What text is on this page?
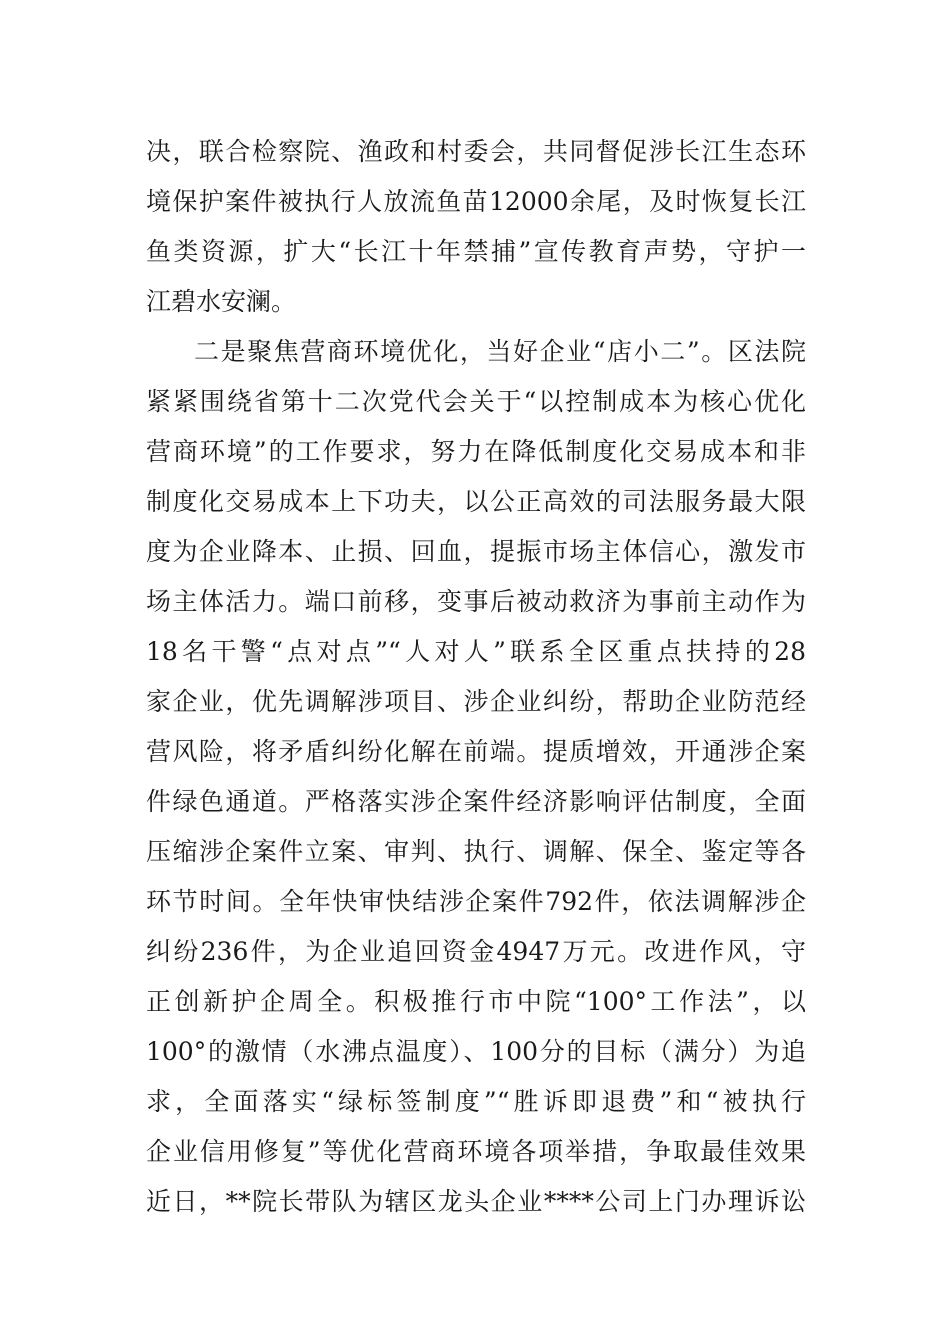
决，联合检察院、渔政和村委会，共同督促涉长江生态环
境保护案件被执行人放流鱼苗12000余尾，及时恢复长江
鱼类资源，扩大“长江十年禁捕”宣传教育声势，守护一
江碧水安澜。
二是聚焦营商环境优化，当好企业“店小二”。区法院
紧紧围绕省第十二次党代会关于“以控制成本为核心优化
营商环境”的工作要求，努力在降低制度化交易成本和非
制度化交易成本上下功夫，以公正高效的司法服务最大限
度为企业降本、止损、回血，提振市场主体信心，激发市
场主体活力。端口前移，变事后被动救济为事前主动作为
18名干警“点对点”“人对人”联系全区重点扶持的28
家企业，优先调解涉项目、涉企业纠纷，帮助企业防范经
营风险，将矛盾纠纷化解在前端。提质增效，开通涉企案
件绿色通道。严格落实涉企案件经济影响评估制度，全面
压缩涉企案件立案、审判、执行、调解、保全、鉴定等各
环节时间。全年快审快结涉企案件792件，依法调解涉企
纠纷236件，为企业追回资金4947万元。改进作风，守
正创新护企周全。积极推行市中院“100°工作法”，以
100°的激情（水沸点温度）、100分的目标（满分）为追
求，全面落实“绿标签制度”“胜诉即退费”和“被执行
企业信用修复”等优化营商环境各项举措，争取最佳效果
近日，**院长带队为辖区龙头企业****公司上门办理诉讼
